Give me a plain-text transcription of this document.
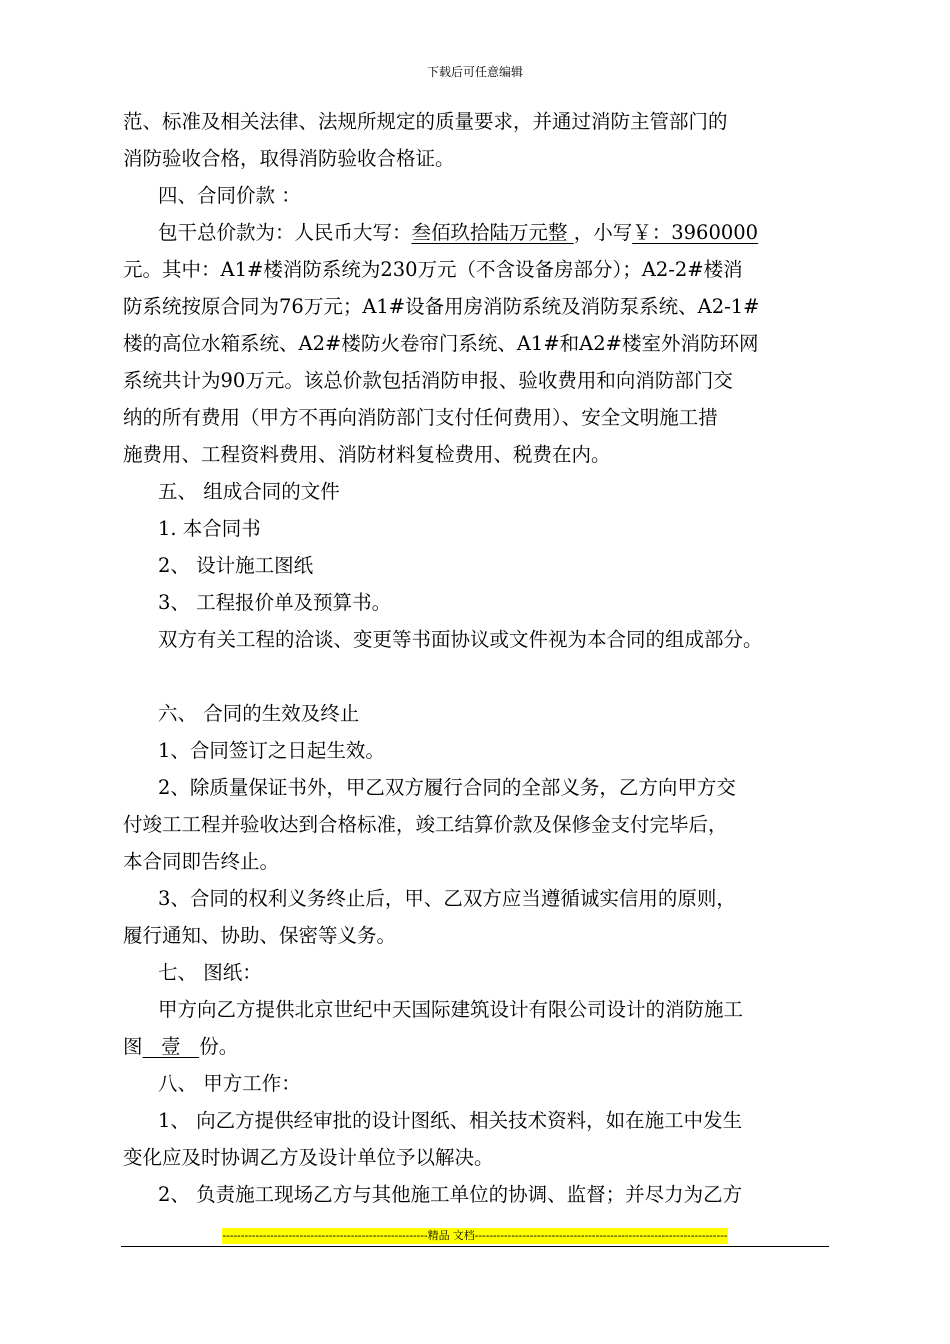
下载后可任意编辑
范、标准及相关法律、法规所规定的质量要求，并通过消防主管部门的
消防验收合格，取得消防验收合格证。
四、合同价款 ：
包干总价款为：人民币大写：叁佰玖拾陆万元整 ，小写￥：3960000
元。其中：A1#楼消防系统为230万元（不含设备房部分）；A2-2#楼消
防系统按原合同为76万元；A1#设备用房消防系统及消防泵系统、A2-1#
楼的高位水箱系统、A2#楼防火卷帘门系统、A1#和A2#楼室外消防环网
系统共计为90万元。该总价款包括消防申报、验收费用和向消防部门交
纳的所有费用（甲方不再向消防部门支付任何费用）、安全文明施工措
施费用、工程资料费用、消防材料复检费用、税费在内。
五、 组成合同的文件
1. 本合同书
2、 设计施工图纸
3、 工程报价单及预算书。
双方有关工程的洽谈、变更等书面协议或文件视为本合同的组成部分。
六、 合同的生效及终止
1、合同签订之日起生效。
2、除质量保证书外，甲乙双方履行合同的全部义务，乙方向甲方交
付竣工工程并验收达到合格标准，竣工结算价款及保修金支付完毕后，
本合同即告终止。
3、合同的权利义务终止后，甲、乙双方应当遵循诚实信用的原则，
履行通知、协助、保密等义务。
七、 图纸：
甲方向乙方提供北京世纪中天国际建筑设计有限公司设计的消防施工
图   壹   份。
八、 甲方工作：
1、 向乙方提供经审批的设计图纸、相关技术资料，如在施工中发生
变化应及时协调乙方及设计单位予以解决。
2、 负责施工现场乙方与其他施工单位的协调、监督；并尽力为乙方
--------------------------------------------------------精品 文档---------------------------------------------------------------------
